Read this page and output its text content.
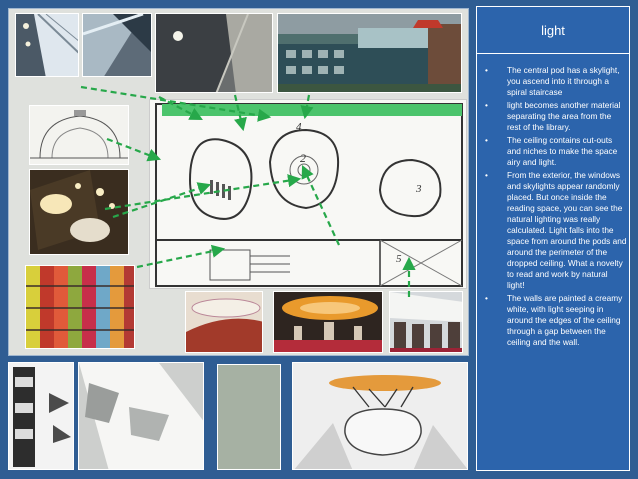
4
2
3
5
light
• The central pod has a skylight, you ascend into it through a spiral staircase
• light becomes another material separating the area from the rest of the library.
• The ceiling contains cut-outs and niches to make the space airy and light.
• From the exterior, the windows and skylights appear randomly placed. But once inside the reading space, you can see the natural lighting was really calculated. Light falls into the space from around the pods and around the perimeter of the dropped ceiling. What a novelty to read and work by natural light!
• The walls are painted a creamy white, with light seeping in around the edges of the ceiling through a gap between the ceiling and the wall.
